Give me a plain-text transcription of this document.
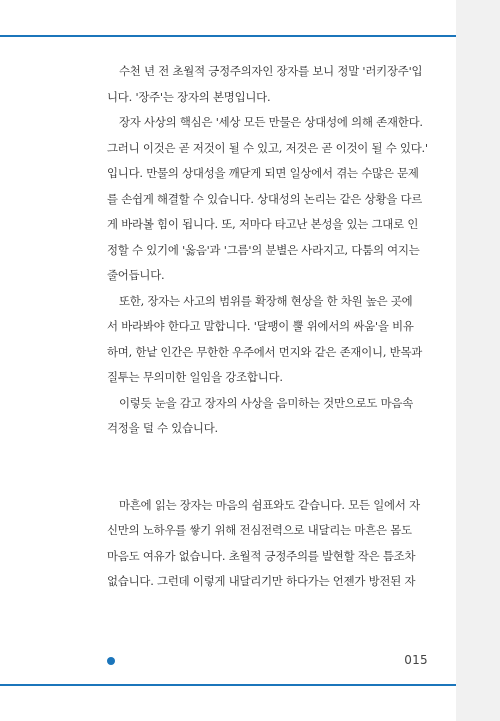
수천 년 전 초월적 긍정주의자인 장자를 보니 정말 '러키장주'입
니다. '장주'는 장자의 본명입니다.
장자 사상의 핵심은 '세상 모든 만물은 상대성에 의해 존재한다.
그러니 이것은 곧 저것이 될 수 있고, 저것은 곧 이것이 될 수 있다.'
입니다. 만물의 상대성을 깨닫게 되면 일상에서 겪는 수많은 문제
를 손쉽게 해결할 수 있습니다. 상대성의 논리는 같은 상황을 다르
게 바라볼 힘이 됩니다. 또, 저마다 타고난 본성을 있는 그대로 인
정할 수 있기에 '옳음'과 '그름'의 분별은 사라지고, 다툼의 여지는
줄어듭니다.
또한, 장자는 사고의 범위를 확장해 현상을 한 차원 높은 곳에
서 바라봐야 한다고 말합니다. '달팽이 뿔 위에서의 싸움'을 비유
하며, 한낱 인간은 무한한 우주에서 먼지와 같은 존재이니, 반목과
질투는 무의미한 일임을 강조합니다.
이렇듯 눈을 감고 장자의 사상을 음미하는 것만으로도 마음속
걱정을 덜 수 있습니다.
마흔에 읽는 장자는 마음의 쉼표와도 같습니다. 모든 일에서 자
신만의 노하우를 쌓기 위해 전심전력으로 내달리는 마흔은 몸도
마음도 여유가 없습니다. 초월적 긍정주의를 발현할 작은 틈조차
없습니다. 그런데 이렇게 내달리기만 하다가는 언젠가 방전된 자
015
